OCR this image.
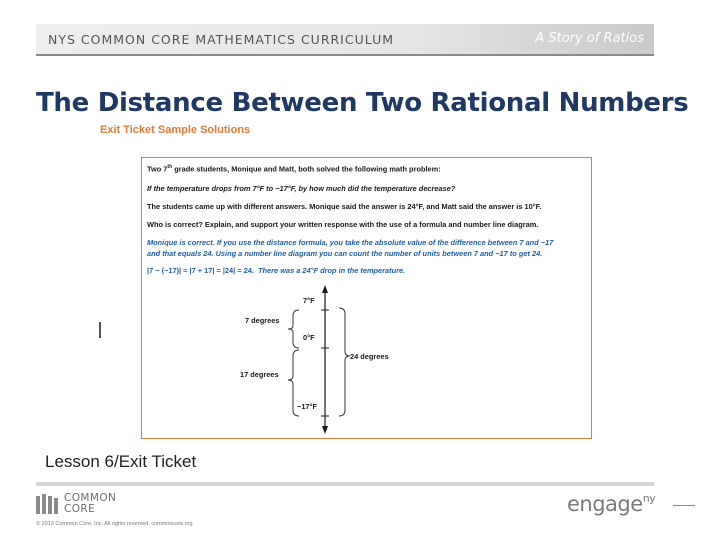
NYS COMMON CORE MATHEMATICS CURRICULUM	A Story of Ratios
The Distance Between Two Rational Numbers
Exit Ticket Sample Solutions
Two 7th grade students, Monique and Matt, both solved the following math problem:
If the temperature drops from 7°F to −17°F, by how much did the temperature decrease?
The students came up with different answers. Monique said the answer is 24°F, and Matt said the answer is 10°F.
Who is correct? Explain, and support your written response with the use of a formula and number line diagram.
Monique is correct. If you use the distance formula, you take the absolute value of the difference between 7 and −17
and that equals 24. Using a number line diagram you can count the number of units between 7 and −17 to get 24.
|7 − (−17)| = |7 + 17| = |24| = 24. There was a 24°F drop in the temperature.
7°F
0°F
−17°F
7 degrees
17 degrees
24 degrees
Lesson 6/Exit Ticket
COMMON
CORE
© 2013 Common Core, Inc. All rights reserved. commoncore.org
engage$^{ny}$
